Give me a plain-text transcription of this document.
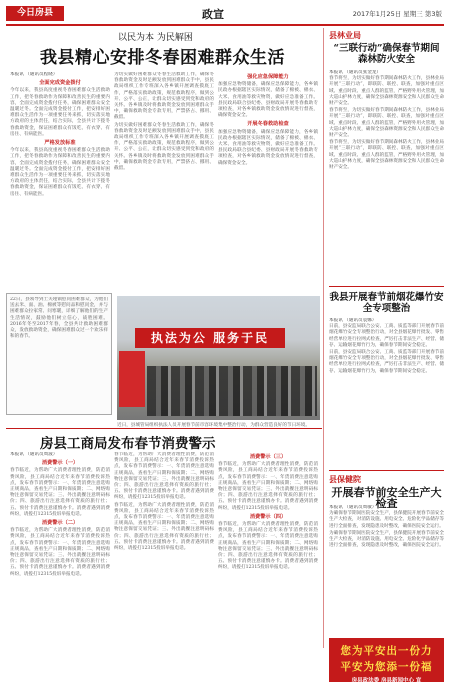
今日房县	政宣	2017年1月25日 星期三 第3版
以民为本 为民解困
我县精心安排冬春困难群众生活
本报讯 （通讯员程晓）
全面完成资金拨付
今年以来，我县高度重视冬春困难群众生活救助工作，把冬春救助作为保障和改善民生的重要内容，全面完成资金拨付任务，确保困难群众安全温暖过冬。全面完成资金拨付工作，把安排好困难群众生活作为一项重要任务来抓，切实落实地方政府的主体责任，结合实际，全县共计下拨冬春救助资金，保证困难群众有饭吃、有衣穿、有房住、有病能医。
严格发放标准
今年以来，我县高度重视冬春困难群众生活救助工作，把冬春救助作为保障和改善民生的重要内容，全面完成资金拨付任务，确保困难群众安全温暖过冬。全面完成资金拨付工作，把安排好困难群众生活作为一项重要任务来抓，切实落实地方政府的主体责任，结合实际，全县共计下拨冬春救助资金，保证困难群众有饭吃、有衣穿、有房住、有病能医。
为切实做好困难群众冬春生活救助工作，确保冬春救助资金及时足额发放到困难群众手中，县民政局组织工作专班深入各乡镇开展调查摸底工作，严格落实救助政策，规范救助程序，做到公开、公平、公正，让群众切实感受到党和政府的关怀。各乡镇及时将救助资金发放到困难群众手中，确保救助资金专款专用，严禁挤占、挪用、截留。
为切实做好困难群众冬春生活救助工作，确保冬春救助资金及时足额发放到困难群众手中，县民政局组织工作专班深入各乡镇开展调查摸底工作，严格落实救助政策，规范救助程序，做到公开、公平、公正，让群众切实感受到党和政府的关怀。各乡镇及时将救助资金发放到困难群众手中，确保救助资金专款专用，严禁挤占、挪用、截留。
强化应急保障能力
加强应急物资储备，确保应急保障能力，各乡镇民政办根据辖区实际情况，储备了棉被、棉衣、大米、食用油等救灾物资，做好应急准备工作。县民政局联合县纪委、县财政局开展冬春救助专项检查，对各乡镇救助资金发放情况进行督查，确保资金安全。
开展冬春救助检查
加强应急物资储备，确保应急保障能力，各乡镇民政办根据辖区实际情况，储备了棉被、棉衣、大米、食用油等救灾物资，做好应急准备工作。县民政局联合县纪委、县财政局开展冬春救助专项检查，对各乡镇救助资金发放情况进行督查，确保资金安全。
22日，县领导到土关垭镇慰问困难群众，为他们送去米、面、油、棉被等慰问品和慰问金，并与困难群众拉家常、问寒暖，详细了解他们的生产生活情况，鼓励他们树立信心，战胜困难。2016年冬至2017年春，全县共计救助困难群众，发放救助资金，确保困难群众过一个欢乐祥和的春节。	执法为公 服务于民
近日，县城管局组织执法人员开展春节前市容环境集中整治行动，为群众营造良好的节日环境。
房县工商局发布春节消费警示
本报讯 （通讯员周波）
消费警示（一）
春节临近，为帮助广大消费者理性消费，防范消费风险，县工商局结合近年来春节消费投诉热点，发布春节消费警示：一、年货消费注意选购正规商品，查看生产日期和保质期；二、网络购物注意保留交易凭证；三、外出就餐注意明码标价；四、旅游出行注意选择有资质的旅行社；五、预付卡消费注意谨慎办卡。消费者遇到消费纠纷，请拨打12315投诉举报电话。
消费警示（二）
春节临近，为帮助广大消费者理性消费，防范消费风险，县工商局结合近年来春节消费投诉热点，发布春节消费警示：一、年货消费注意选购正规商品，查看生产日期和保质期；二、网络购物注意保留交易凭证；三、外出就餐注意明码标价；四、旅游出行注意选择有资质的旅行社；五、预付卡消费注意谨慎办卡。消费者遇到消费纠纷，请拨打12315投诉举报电话。
春节临近，为帮助广大消费者理性消费，防范消费风险，县工商局结合近年来春节消费投诉热点，发布春节消费警示：一、年货消费注意选购正规商品，查看生产日期和保质期；二、网络购物注意保留交易凭证；三、外出就餐注意明码标价；四、旅游出行注意选择有资质的旅行社；五、预付卡消费注意谨慎办卡。消费者遇到消费纠纷，请拨打12315投诉举报电话。
春节临近，为帮助广大消费者理性消费，防范消费风险，县工商局结合近年来春节消费投诉热点，发布春节消费警示：一、年货消费注意选购正规商品，查看生产日期和保质期；二、网络购物注意保留交易凭证；三、外出就餐注意明码标价；四、旅游出行注意选择有资质的旅行社；五、预付卡消费注意谨慎办卡。消费者遇到消费纠纷，请拨打12315投诉举报电话。
消费警示（三）
春节临近，为帮助广大消费者理性消费，防范消费风险，县工商局结合近年来春节消费投诉热点，发布春节消费警示：一、年货消费注意选购正规商品，查看生产日期和保质期；二、网络购物注意保留交易凭证；三、外出就餐注意明码标价；四、旅游出行注意选择有资质的旅行社；五、预付卡消费注意谨慎办卡。消费者遇到消费纠纷，请拨打12315投诉举报电话。
消费警示（四）
春节临近，为帮助广大消费者理性消费，防范消费风险，县工商局结合近年来春节消费投诉热点，发布春节消费警示：一、年货消费注意选购正规商品，查看生产日期和保质期；二、网络购物注意保留交易凭证；三、外出就餐注意明码标价；四、旅游出行注意选择有资质的旅行社；五、预付卡消费注意谨慎办卡。消费者遇到消费纠纷，请拨打12315投诉举报电话。
县林业局
“三联行动”确保春节期间森林防火安全
本报讯 （通讯员张金龙）
春节将至，为切实做好春节期间森林防火工作，县林业局开展“三联行动”，即联防、联控、联查，加强对重点区域、重点时段、重点人群的监管，严格野外用火管理，加大巡山护林力度，确保全县森林资源安全和人民群众生命财产安全。
春节将至，为切实做好春节期间森林防火工作，县林业局开展“三联行动”，即联防、联控、联查，加强对重点区域、重点时段、重点人群的监管，严格野外用火管理，加大巡山护林力度，确保全县森林资源安全和人民群众生命财产安全。
春节将至，为切实做好春节期间森林防火工作，县林业局开展“三联行动”，即联防、联控、联查，加强对重点区域、重点时段、重点人群的监管，严格野外用火管理，加大巡山护林力度，确保全县森林资源安全和人民群众生命财产安全。
我县开展春节前烟花爆竹安全专项整治
本报讯 （通讯员袁娜）
日前，县安监局联合公安、工商、质监等部门开展春节前烟花爆竹安全专项整治行动，对全县烟花爆竹批发、零售经营单位进行拉网式检查，严厉打击非法生产、经营、储存、运输烟花爆竹行为，确保春节期间安全稳定。
日前，县安监局联合公安、工商、质监等部门开展春节前烟花爆竹安全专项整治行动，对全县烟花爆竹批发、零售经营单位进行拉网式检查，严厉打击非法生产、经营、储存、运输烟花爆竹行为，确保春节期间安全稳定。
县保健院
开展春节前安全生产大检查
本报讯 （通讯员周敏）
为确保春节期间医院安全生产，县保健院开展春节前安全生产大检查，对消防设施、用电安全、危险化学品储存等进行全面排查，发现隐患及时整改，确保医院安全运行。
为确保春节期间医院安全生产，县保健院开展春节前安全生产大检查，对消防设施、用电安全、危险化学品储存等进行全面排查，发现隐患及时整改，确保医院安全运行。
您为平安出一份力
平安为您添一份福
房县政法委 房县新闻中心 宣
